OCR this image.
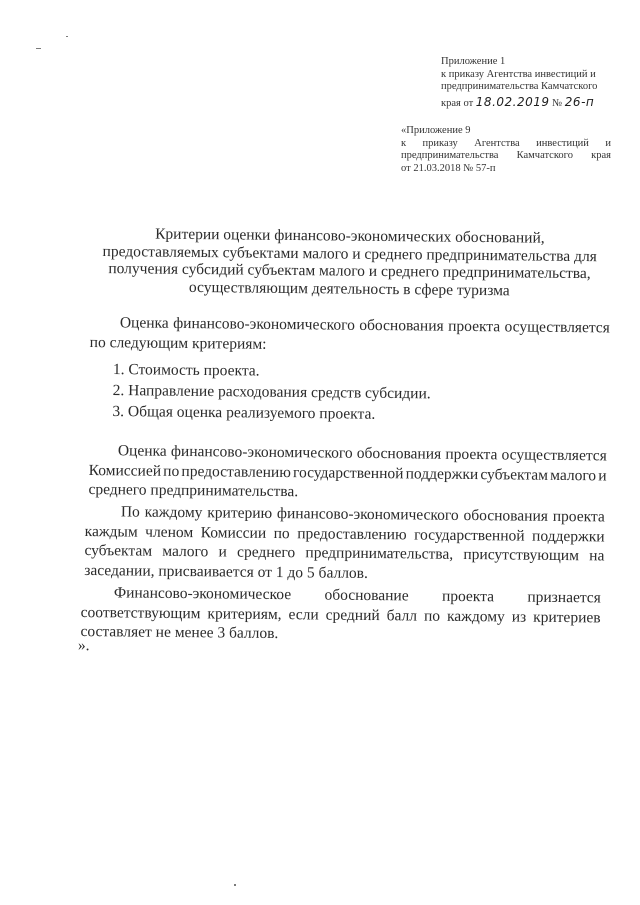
Приложение 1
к приказу Агентства инвестиций и
предпринимательства Камчатского
края от 18.02.2019 № 26-п
«Приложение 9
к приказу Агентства инвестиций и
предпринимательства Камчатского края
от 21.03.2018 № 57-п
Критерии оценки финансово-экономических обоснований,
предоставляемых субъектами малого и среднего предпринимательства для
получения субсидий субъектам малого и среднего предпринимательства,
осуществляющим деятельность в сфере туризма
Оценка финансово-экономического обоснования проекта осуществляется
по следующим критериям:
1. Стоимость проекта.
2. Направление расходования средств субсидии.
3. Общая оценка реализуемого проекта.
Оценка финансово-экономического обоснования проекта осуществляется
Комиссией по предоставлению государственной поддержки субъектам малого и
среднего предпринимательства.
По каждому критерию финансово-экономического обоснования проекта
каждым членом Комиссии по предоставлению государственной поддержки
субъектам малого и среднего предпринимательства, присутствующим на
заседании, присваивается от 1 до 5 баллов.
Финансово-экономическое обоснование проекта признается
соответствующим критериям, если средний балл по каждому из критериев
составляет не менее 3 баллов.
».
